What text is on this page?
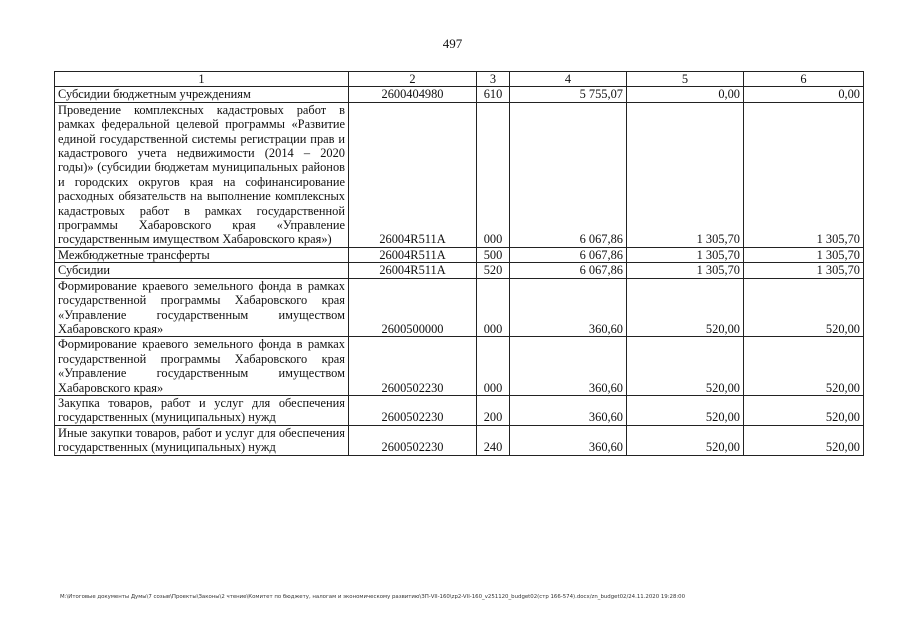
497
1	2	3	4	5	6
Субсидии бюджетным учреждениям	2600404980	610	5 755,07	0,00	0,00
Проведение комплексных кадастровых работ в рамках федеральной целевой программы «Развитие единой государственной системы регистрации прав и кадастрового учета недвижимости (2014 – 2020 годы)» (субсидии бюджетам муниципальных районов и городских округов края на софинансирование расходных обязательств на выполнение комплексных кадастровых работ в рамках государственной программы Хабаровского края «Управление государственным имуществом Хабаровского края»)	26004R511A	000	6 067,86	1 305,70	1 305,70
Межбюджетные трансферты	26004R511A	500	6 067,86	1 305,70	1 305,70
Субсидии	26004R511A	520	6 067,86	1 305,70	1 305,70
Формирование краевого земельного фонда в рамках государственной программы Хабаровского края «Управление государственным имуществом Хабаровского края»	2600500000	000	360,60	520,00	520,00
Формирование краевого земельного фонда в рамках государственной программы Хабаровского края «Управление государственным имуществом Хабаровского края»	2600502230	000	360,60	520,00	520,00
Закупка товаров, работ и услуг для обеспечения государственных (муниципальных) нужд	2600502230	200	360,60	520,00	520,00
Иные закупки товаров, работ и услуг для обеспечения государственных (муниципальных) нужд	2600502230	240	360,60	520,00	520,00
M:\Итоговые документы Думы\7 созыв\Проекты\Законы\2 чтение\Комитет по бюджету, налогам и экономическому развитию\ЗП-VII-160\zp2-VII-160_v251120_budget02(стр 166-574).docx/zn_budget02/24.11.2020 19:28:00
